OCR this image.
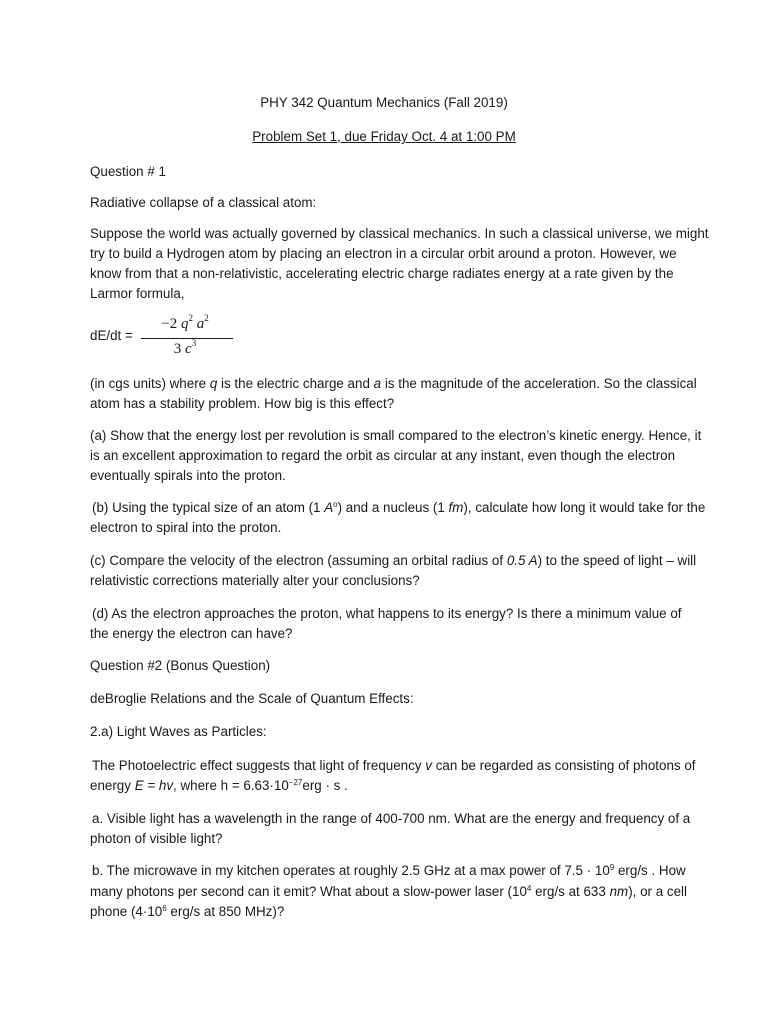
PHY 342 Quantum Mechanics (Fall 2019)
Problem Set 1, due Friday Oct. 4 at 1:00 PM
Question # 1
Radiative collapse of a classical atom:
Suppose the world was actually governed by classical mechanics. In such a classical universe, we might
try to build a Hydrogen atom by placing an electron in a circular orbit around a proton. However, we
know from that a non-relativistic, accelerating electric charge radiates energy at a rate given by the
Larmor formula,
dE/dt =
−2 $q^2$ $a^2$
3 $c^3$
(in cgs units) where q is the electric charge and a is the magnitude of the acceleration. So the classical
atom has a stability problem. How big is this effect?
(a) Show that the energy lost per revolution is small compared to the electron’s kinetic energy. Hence, it
is an excellent approximation to regard the orbit as circular at any instant, even though the electron
eventually spirals into the proton.
(b) Using the typical size of an atom (1 $A^o$) and a nucleus (1 fm), calculate how long it would take for the
electron to spiral into the proton.
(c) Compare the velocity of the electron (assuming an orbital radius of 0.5 A) to the speed of light – will
relativistic corrections materially alter your conclusions?
(d) As the electron approaches the proton, what happens to its energy? Is there a minimum value of
the energy the electron can have?
Question #2 (Bonus Question)
deBroglie Relations and the Scale of Quantum Effects:
2.a) Light Waves as Particles:
The Photoelectric effect suggests that light of frequency v can be regarded as consisting of photons of
energy E = hv, where $h = 6.63\cdot 10^{-27}erg \cdot s$ .
a. Visible light has a wavelength in the range of 400-700 nm. What are the energy and frequency of a
photon of visible light?
b. The microwave in my kitchen operates at roughly 2.5 GHz at a max power of $7.5 \cdot 10^9$ erg/s . How
many photons per second can it emit? What about a slow-power laser ($10^4$ erg/s at 633 nm), or a cell
phone ($4\cdot 10^6$ erg/s at 850 MHz)?
